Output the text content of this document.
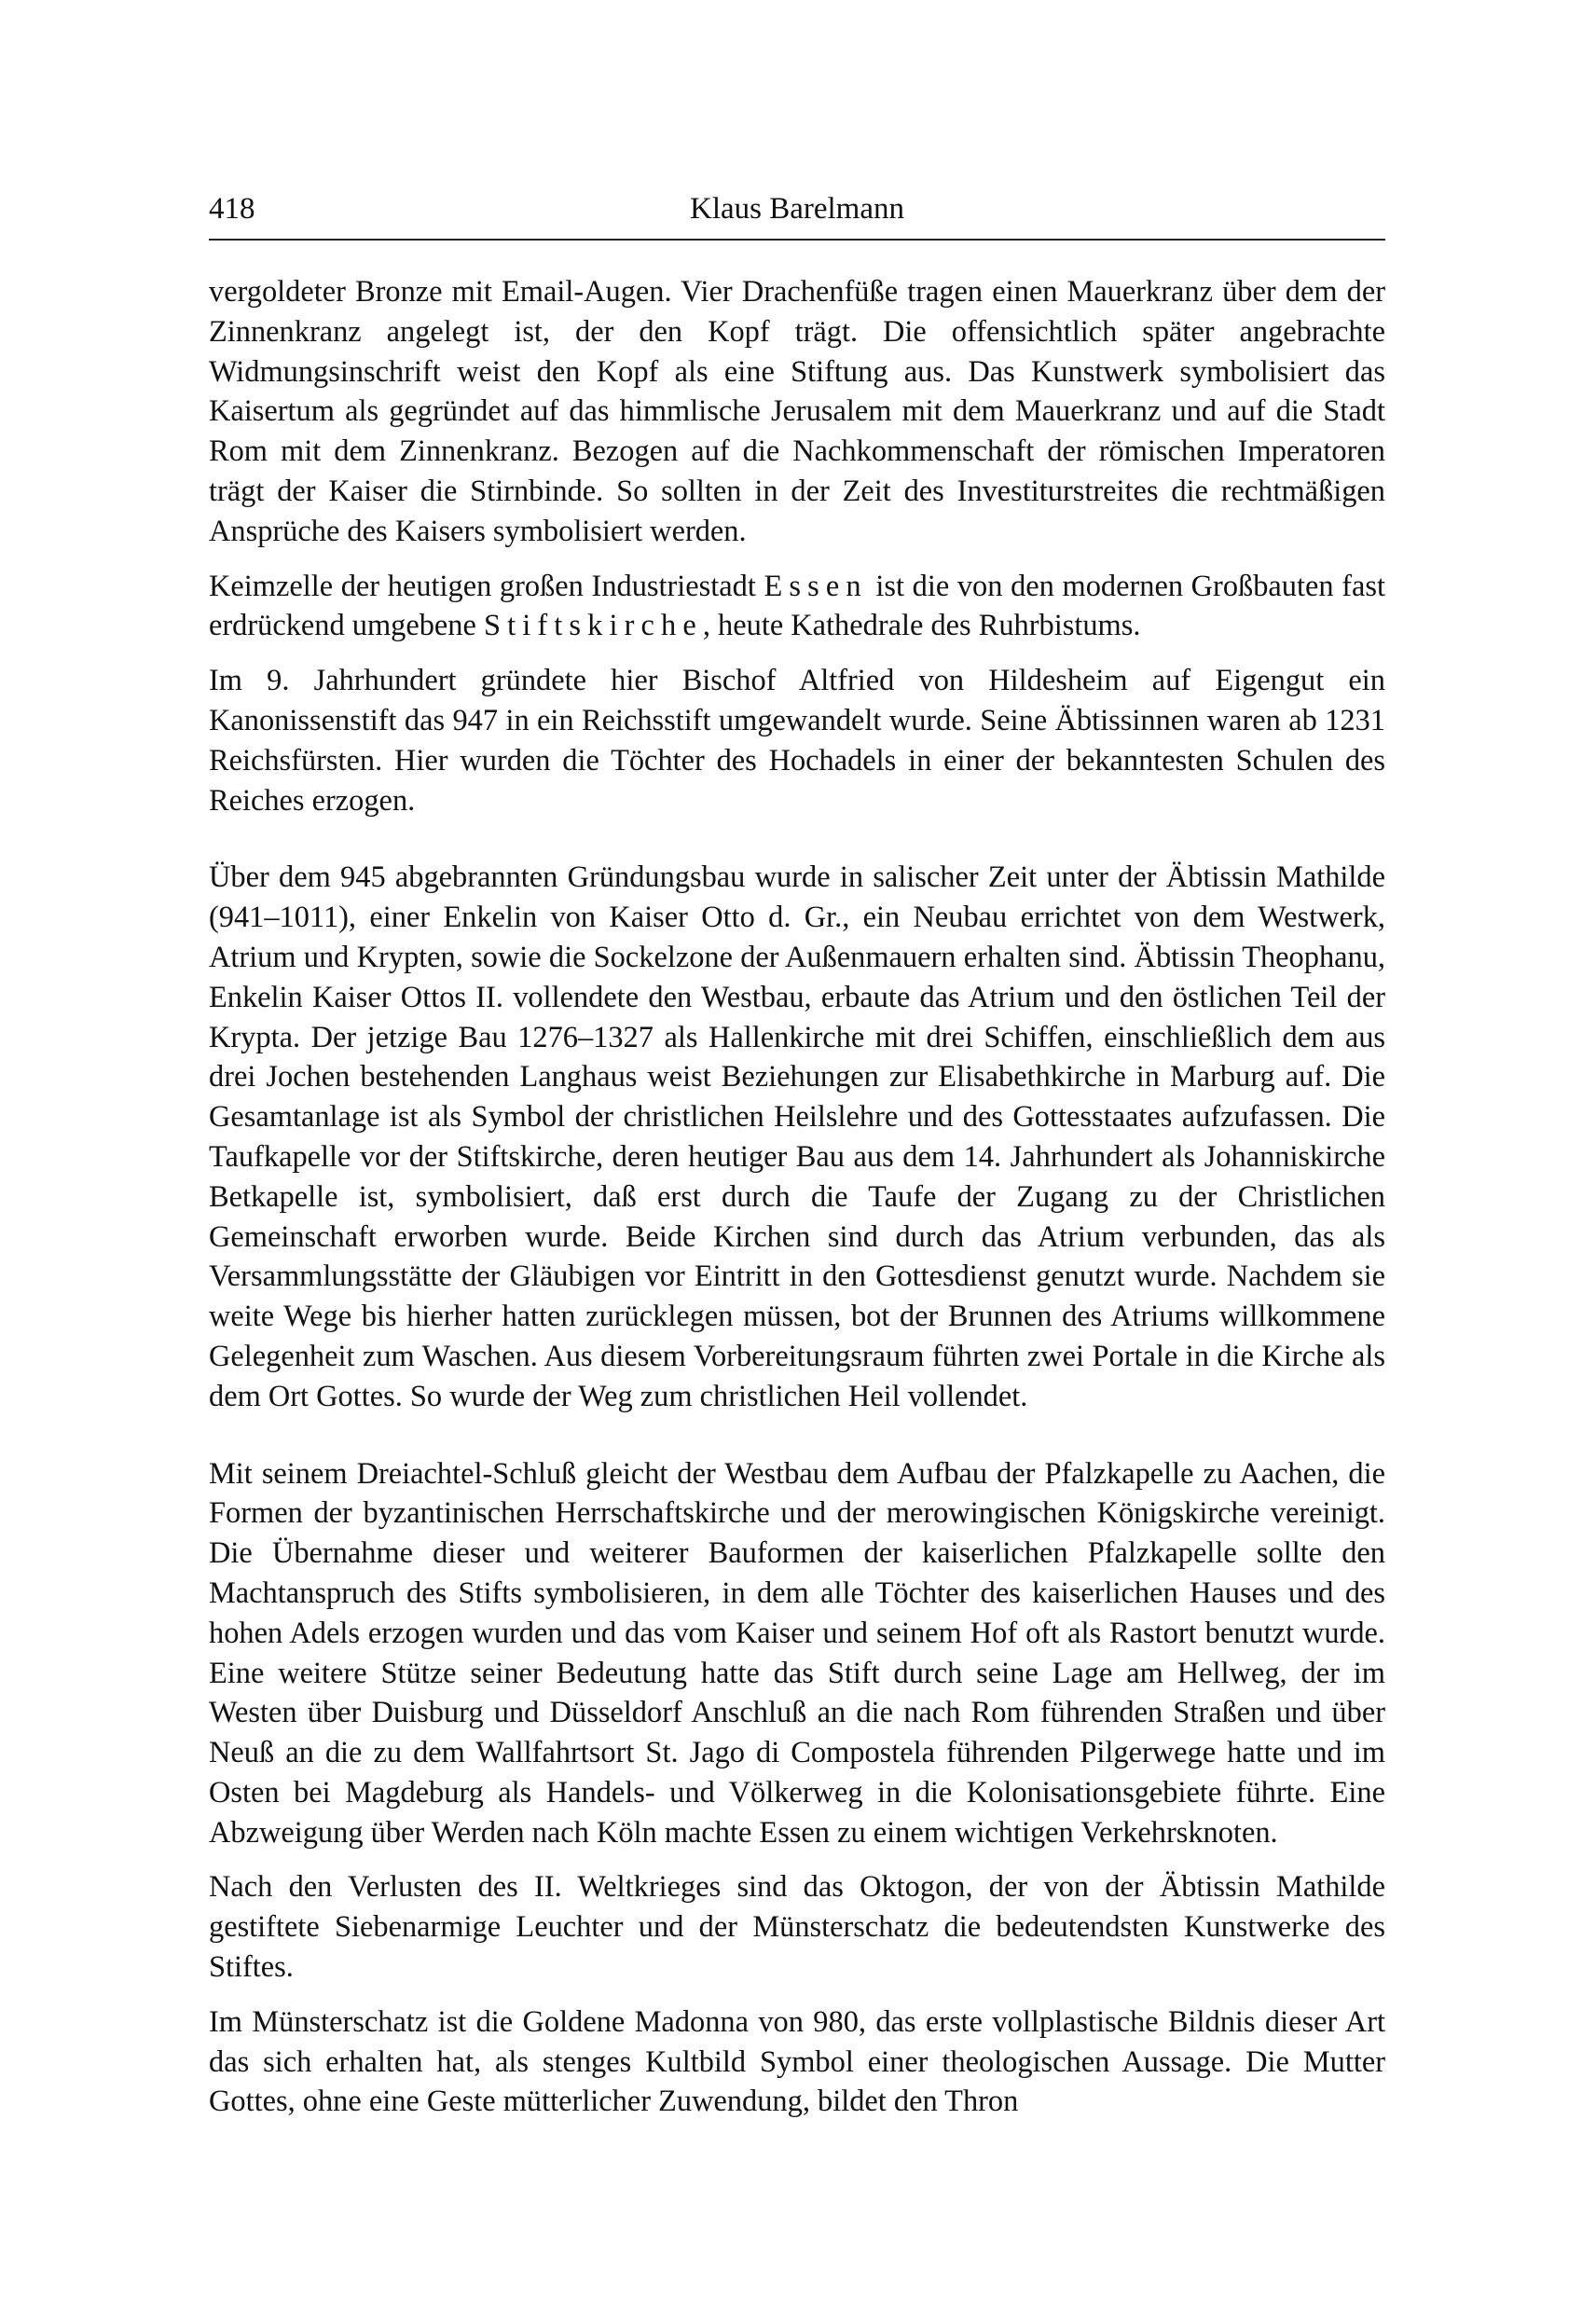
418	Klaus Barelmann

vergoldeter Bronze mit Email-Augen. Vier Drachenfüße tragen einen Mauerkranz über dem der Zinnenkranz angelegt ist, der den Kopf trägt. Die offensichtlich später angebrachte Widmungsinschrift weist den Kopf als eine Stiftung aus. Das Kunstwerk symbolisiert das Kaisertum als gegründet auf das himmlische Jerusalem mit dem Mauerkranz und auf die Stadt Rom mit dem Zinnenkranz. Bezogen auf die Nachkommenschaft der römischen Imperatoren trägt der Kaiser die Stirnbinde. So sollten in der Zeit des Investiturstreites die rechtmäßigen Ansprüche des Kaisers symbolisiert werden.

Keimzelle der heutigen großen Industriestadt Essen ist die von den modernen Großbauten fast erdrückend umgebene Stiftskirche, heute Kathedrale des Ruhrbistums.

Im 9. Jahrhundert gründete hier Bischof Altfried von Hildesheim auf Eigengut ein Kanonissenstift das 947 in ein Reichsstift umgewandelt wurde. Seine Äbtissinnen waren ab 1231 Reichsfürsten. Hier wurden die Töchter des Hochadels in einer der bekanntesten Schulen des Reiches erzogen.

Über dem 945 abgebrannten Gründungsbau wurde in salischer Zeit unter der Äbtissin Mathilde (941–1011), einer Enkelin von Kaiser Otto d. Gr., ein Neubau errichtet von dem Westwerk, Atrium und Krypten, sowie die Sockelzone der Außenmauern erhalten sind. Äbtissin Theophanu, Enkelin Kaiser Ottos II. vollendete den Westbau, erbaute das Atrium und den östlichen Teil der Krypta. Der jetzige Bau 1276–1327 als Hallenkirche mit drei Schiffen, einschließlich dem aus drei Jochen bestehenden Langhaus weist Beziehungen zur Elisabethkirche in Marburg auf. Die Gesamtanlage ist als Symbol der christlichen Heilslehre und des Gottesstaates aufzufassen. Die Taufkapelle vor der Stiftskirche, deren heutiger Bau aus dem 14. Jahrhundert als Johanniskirche Betkapelle ist, symbolisiert, daß erst durch die Taufe der Zugang zu der Christlichen Gemeinschaft erworben wurde. Beide Kirchen sind durch das Atrium verbunden, das als Versammlungsstätte der Gläubigen vor Eintritt in den Gottesdienst genutzt wurde. Nachdem sie weite Wege bis hierher hatten zurücklegen müssen, bot der Brunnen des Atriums willkommene Gelegenheit zum Waschen. Aus diesem Vorbereitungsraum führten zwei Portale in die Kirche als dem Ort Gottes. So wurde der Weg zum christlichen Heil vollendet.

Mit seinem Dreiachtel-Schluß gleicht der Westbau dem Aufbau der Pfalzkapelle zu Aachen, die Formen der byzantinischen Herrschaftskirche und der merowingischen Königskirche vereinigt. Die Übernahme dieser und weiterer Bauformen der kaiserlichen Pfalzkapelle sollte den Machtanspruch des Stifts symbolisieren, in dem alle Töchter des kaiserlichen Hauses und des hohen Adels erzogen wurden und das vom Kaiser und seinem Hof oft als Rastort benutzt wurde. Eine weitere Stütze seiner Bedeutung hatte das Stift durch seine Lage am Hellweg, der im Westen über Duisburg und Düsseldorf Anschluß an die nach Rom führenden Straßen und über Neuß an die zu dem Wallfahrtsort St. Jago di Compostela führenden Pilgerwege hatte und im Osten bei Magdeburg als Handels- und Völkerweg in die Kolonisationsgebiete führte. Eine Abzweigung über Werden nach Köln machte Essen zu einem wichtigen Verkehrsknoten.

Nach den Verlusten des II. Weltkrieges sind das Oktogon, der von der Äbtissin Mathilde gestiftete Siebenarmige Leuchter und der Münsterschatz die bedeutendsten Kunstwerke des Stiftes.

Im Münsterschatz ist die Goldene Madonna von 980, das erste vollplastische Bildnis dieser Art das sich erhalten hat, als stenges Kultbild Symbol einer theologischen Aussage. Die Mutter Gottes, ohne eine Geste mütterlicher Zuwendung, bildet den Thron
